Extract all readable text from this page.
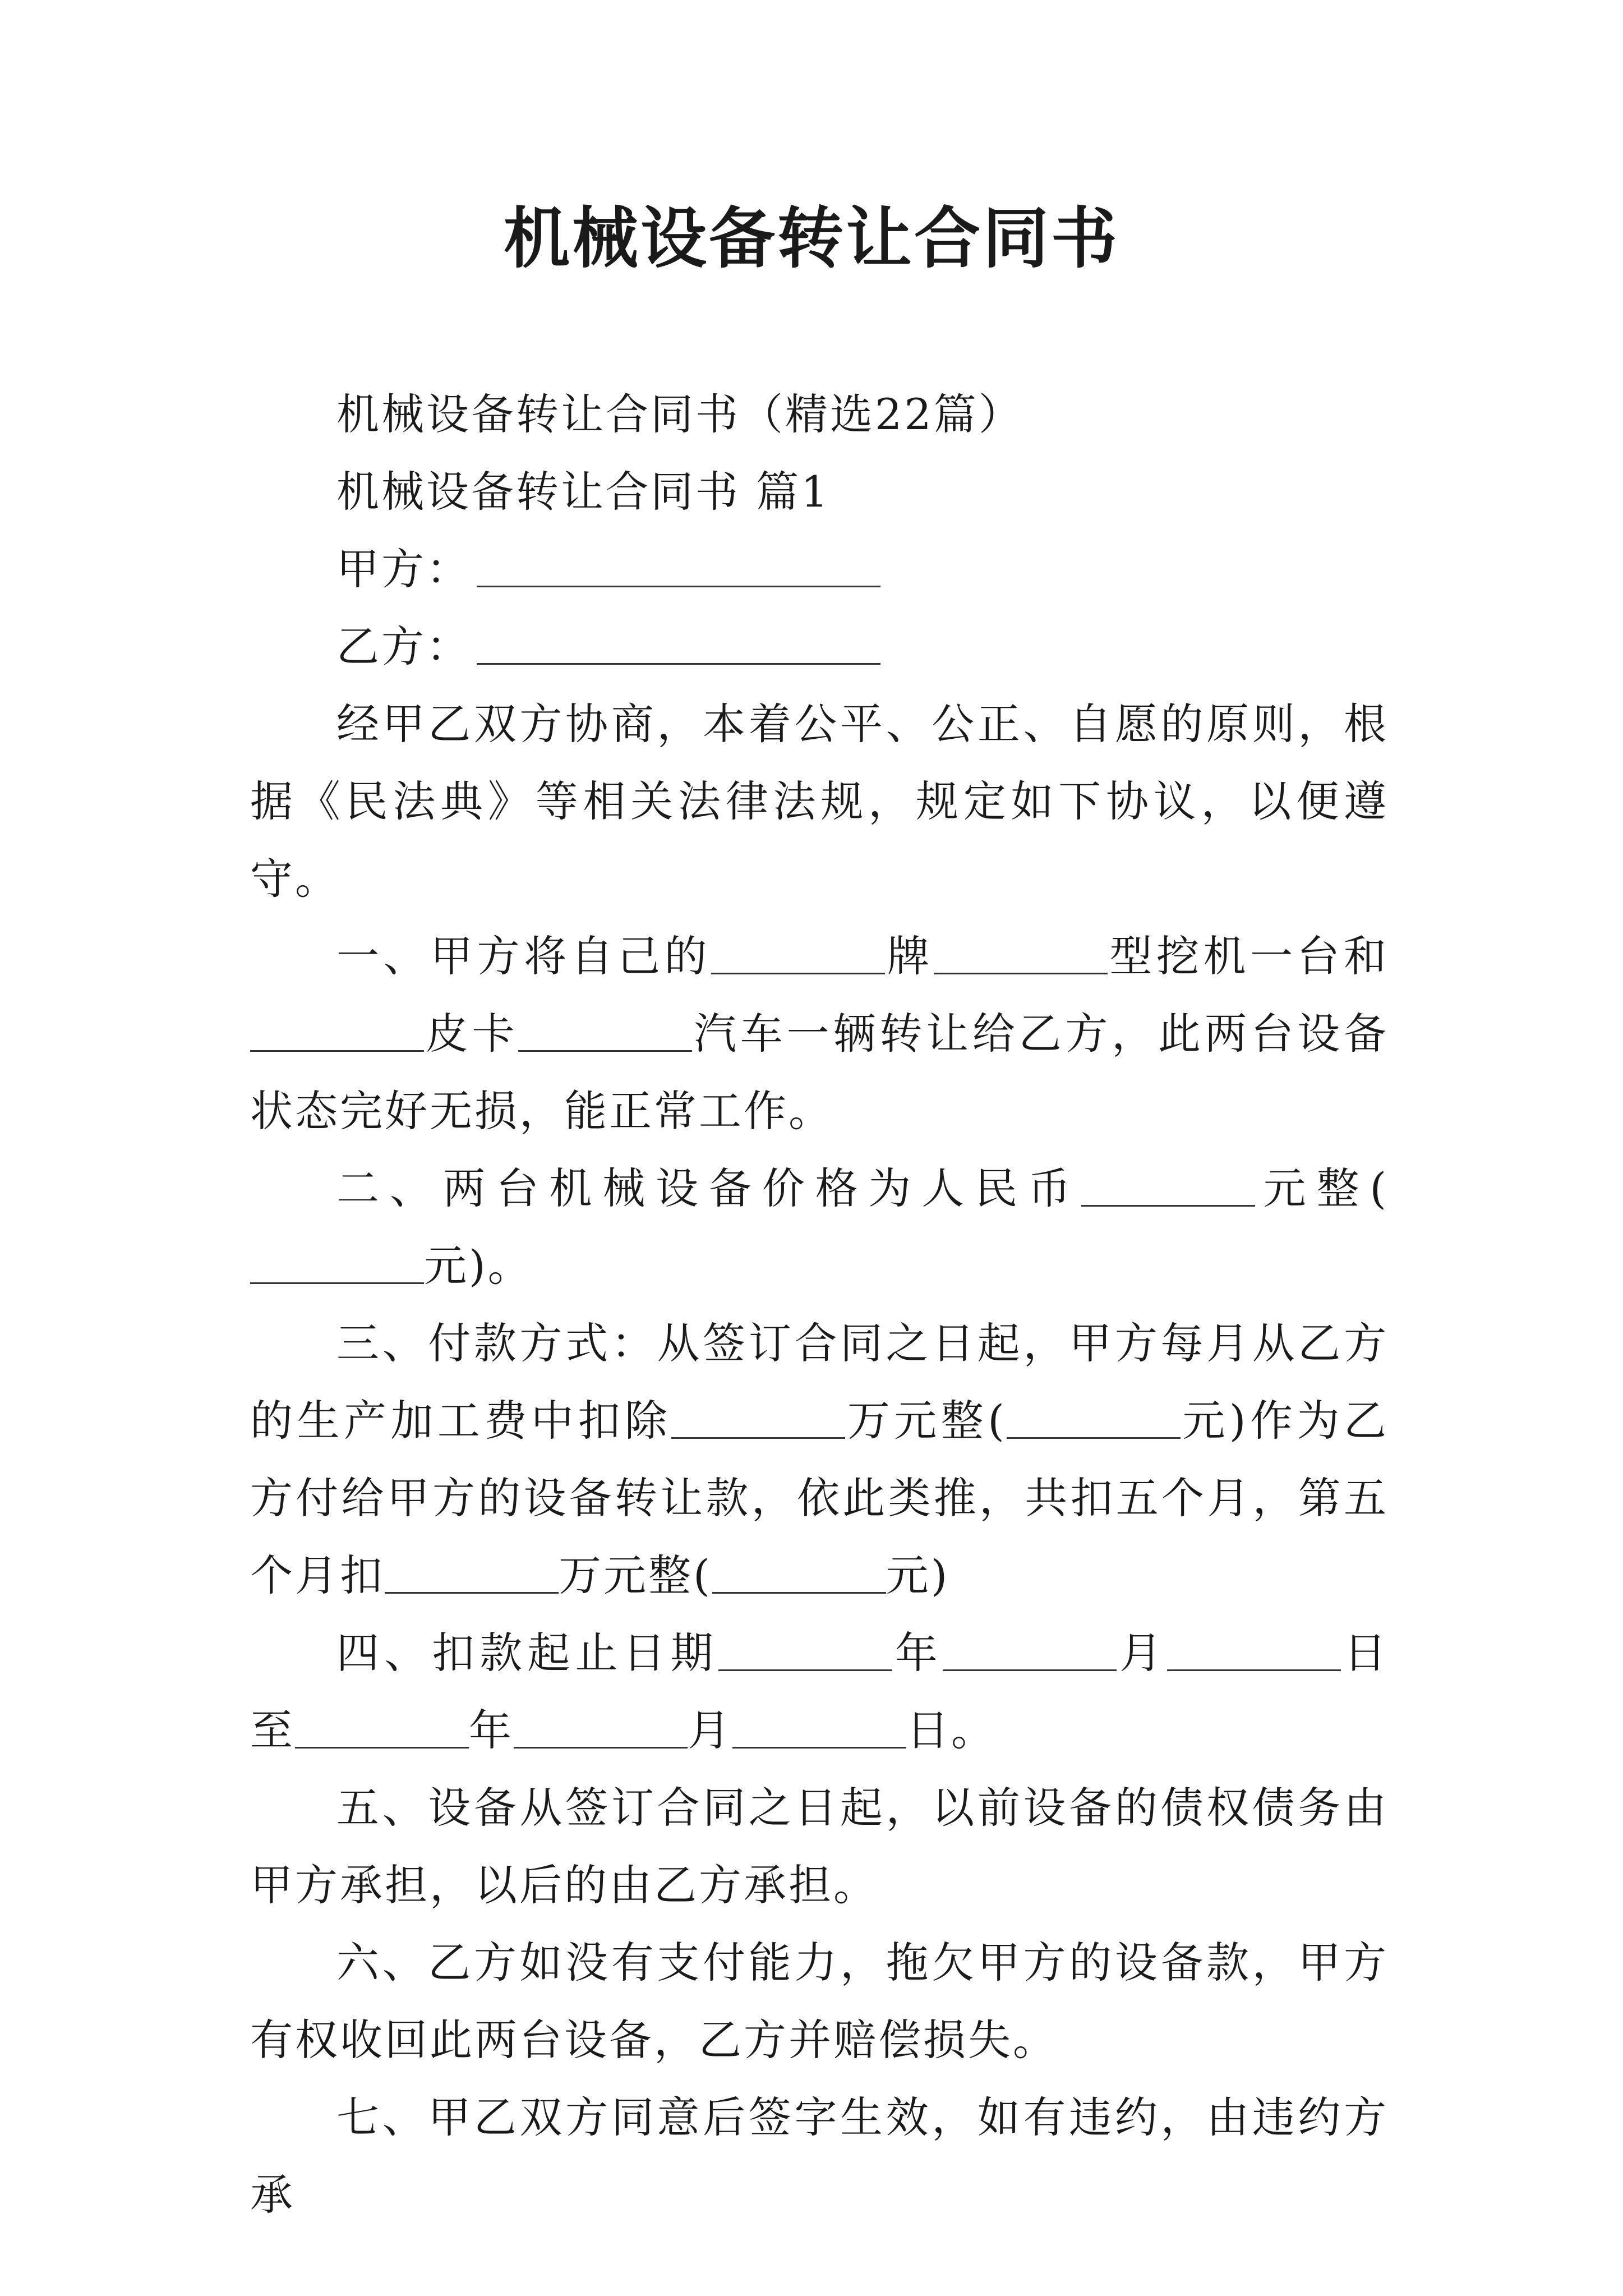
机械设备转让合同书

机械设备转让合同书（精选22篇）

机械设备转让合同书 篇1

甲方：

乙方：

经甲乙双方协商，本着公平、公正、自愿的原则，根据《民法典》等相关法律法规，规定如下协议，以便遵守。

一、甲方将自己的	牌	型挖机一台和皮卡	汽车一辆转让给乙方，此两台设备状态完好无损，能正常工作。

二、两台机械设备价格为人民币	元整(元)。

三、付款方式：从签订合同之日起，甲方每月从乙方的生产加工费中扣除	万元整(	元)作为乙方付给甲方的设备转让款，依此类推，共扣五个月，第五个月扣	万元整(	元)

四、扣款起止日期	年	月	日至	年	月	日。

五、设备从签订合同之日起，以前设备的债权债务由甲方承担，以后的由乙方承担。

六、乙方如没有支付能力，拖欠甲方的设备款，甲方有权收回此两台设备，乙方并赔偿损失。

七、甲乙双方同意后签字生效，如有违约，由违约方承
